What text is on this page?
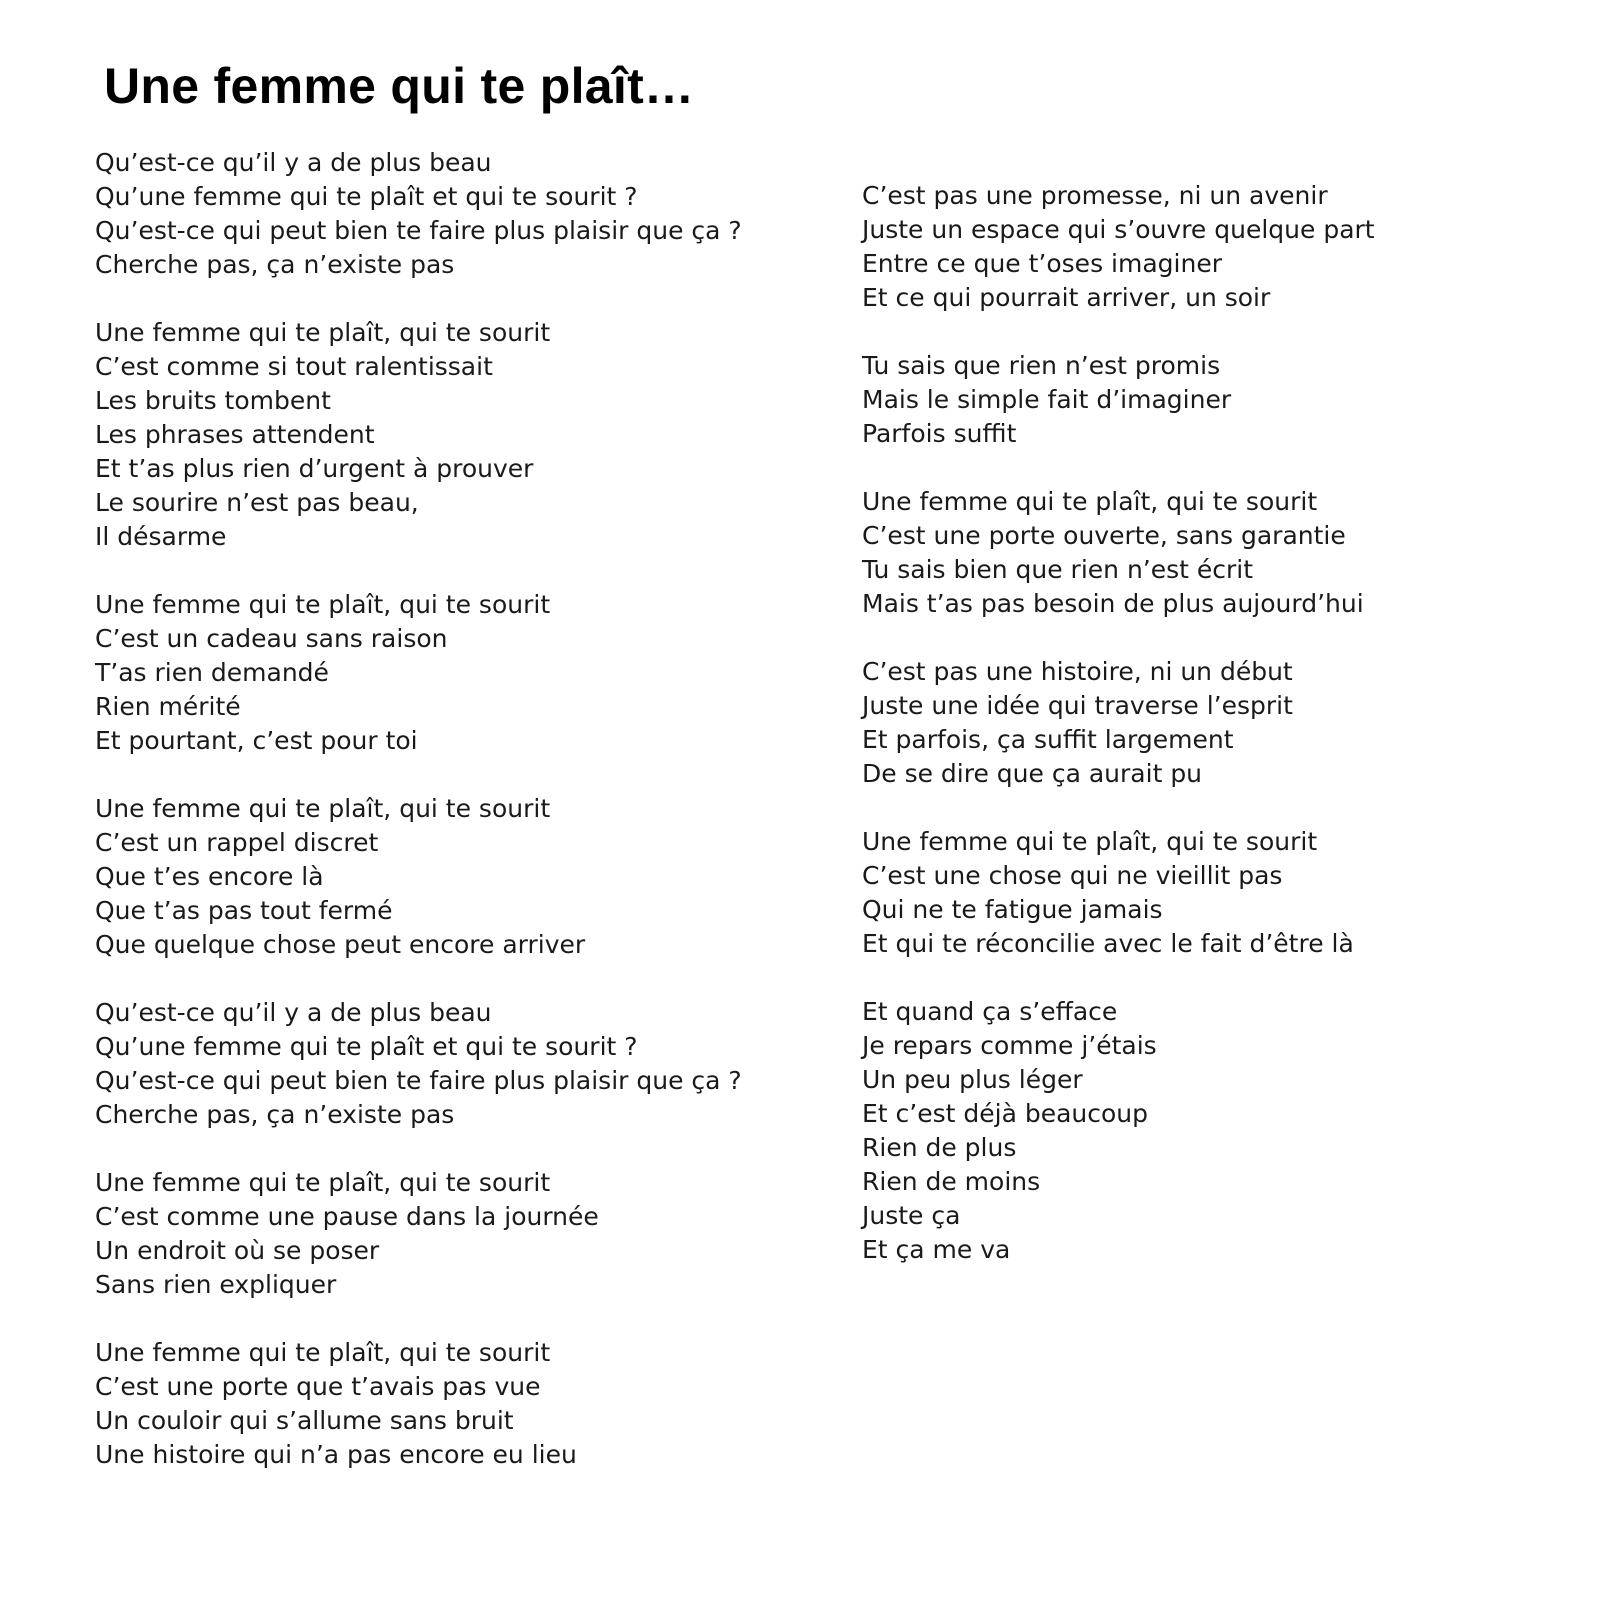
Une femme qui te plaît…
Qu’est-ce qu’il y a de plus beau
Qu’une femme qui te plaît et qui te sourit ?
Qu’est-ce qui peut bien te faire plus plaisir que ça ?
Cherche pas, ça n’existe pas
Une femme qui te plaît, qui te sourit
C’est comme si tout ralentissait
Les bruits tombent
Les phrases attendent
Et t’as plus rien d’urgent à prouver
Le sourire n’est pas beau,
Il désarme
Une femme qui te plaît, qui te sourit
C’est un cadeau sans raison
T’as rien demandé
Rien mérité
Et pourtant, c’est pour toi
Une femme qui te plaît, qui te sourit
C’est un rappel discret
Que t’es encore là
Que t’as pas tout fermé
Que quelque chose peut encore arriver
Qu’est-ce qu’il y a de plus beau
Qu’une femme qui te plaît et qui te sourit ?
Qu’est-ce qui peut bien te faire plus plaisir que ça ?
Cherche pas, ça n’existe pas
Une femme qui te plaît, qui te sourit
C’est comme une pause dans la journée
Un endroit où se poser
Sans rien expliquer
Une femme qui te plaît, qui te sourit
C’est une porte que t’avais pas vue
Un couloir qui s’allume sans bruit
Une histoire qui n’a pas encore eu lieu
C’est pas une promesse, ni un avenir
Juste un espace qui s’ouvre quelque part
Entre ce que t’oses imaginer
Et ce qui pourrait arriver, un soir
Tu sais que rien n’est promis
Mais le simple fait d’imaginer
Parfois suffit
Une femme qui te plaît, qui te sourit
C’est une porte ouverte, sans garantie
Tu sais bien que rien n’est écrit
Mais t’as pas besoin de plus aujourd’hui
C’est pas une histoire, ni un début
Juste une idée qui traverse l’esprit
Et parfois, ça suffit largement
De se dire que ça aurait pu
Une femme qui te plaît, qui te sourit
C’est une chose qui ne vieillit pas
Qui ne te fatigue jamais
Et qui te réconcilie avec le fait d’être là
Et quand ça s’efface
Je repars comme j’étais
Un peu plus léger
Et c’est déjà beaucoup
Rien de plus
Rien de moins
Juste ça
Et ça me va
